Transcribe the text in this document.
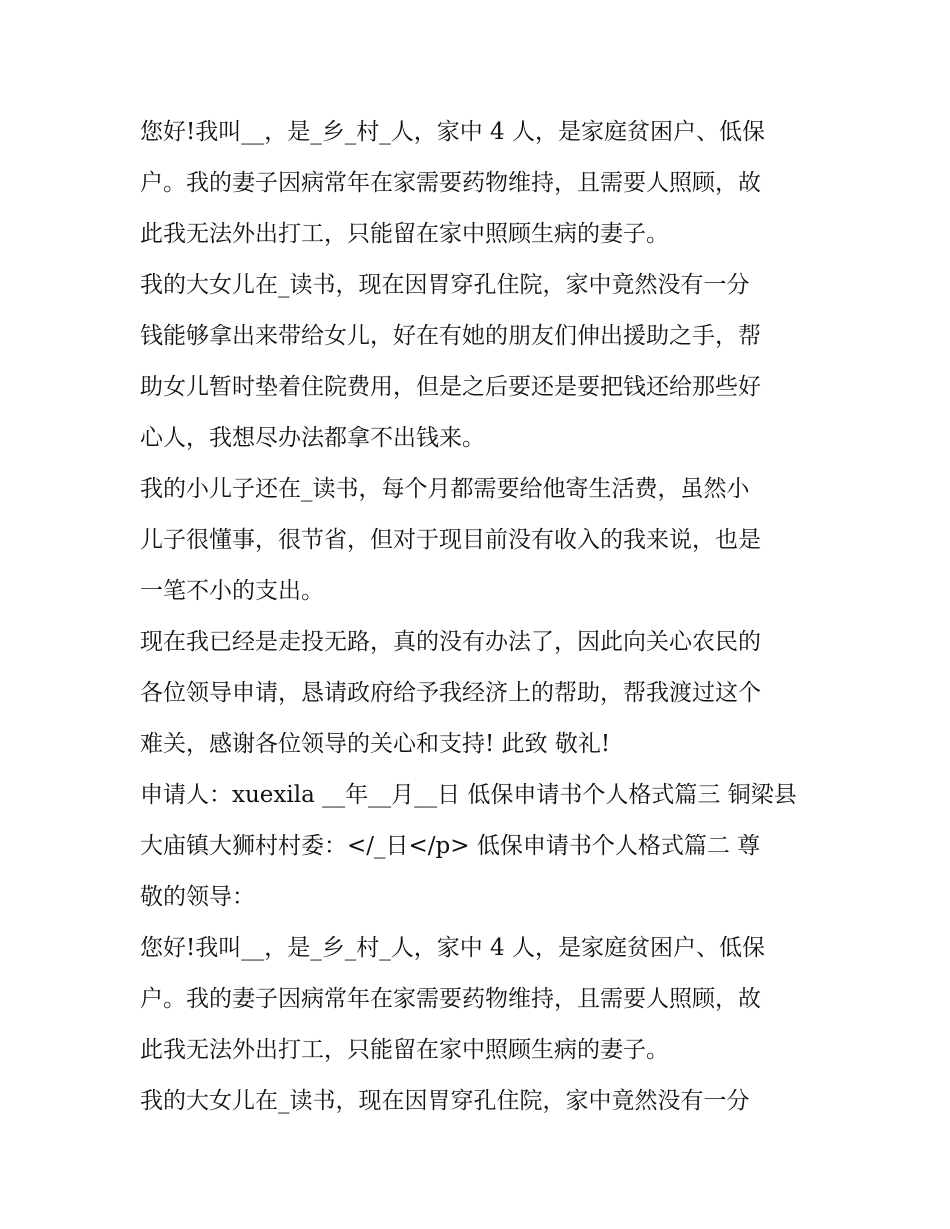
您好!我叫__，是_乡_村_人，家中 4 人，是家庭贫困户、低保
户。我的妻子因病常年在家需要药物维持，且需要人照顾，故
此我无法外出打工，只能留在家中照顾生病的妻子。
我的大女儿在_读书，现在因胃穿孔住院，家中竟然没有一分
钱能够拿出来带给女儿，好在有她的朋友们伸出援助之手，帮
助女儿暂时垫着住院费用，但是之后要还是要把钱还给那些好
心人，我想尽办法都拿不出钱来。
我的小儿子还在_读书，每个月都需要给他寄生活费，虽然小
儿子很懂事，很节省，但对于现目前没有收入的我来说，也是
一笔不小的支出。
现在我已经是走投无路，真的没有办法了，因此向关心农民的
各位领导申请，恳请政府给予我经济上的帮助，帮我渡过这个
难关，感谢各位领导的关心和支持! 此致 敬礼!
申请人：xuexila __年__月__日 低保申请书个人格式篇三 铜梁县
大庙镇大狮村村委：</_日</p> 低保申请书个人格式篇二 尊
敬的领导：
您好!我叫__，是_乡_村_人，家中 4 人，是家庭贫困户、低保
户。我的妻子因病常年在家需要药物维持，且需要人照顾，故
此我无法外出打工，只能留在家中照顾生病的妻子。
我的大女儿在_读书，现在因胃穿孔住院，家中竟然没有一分
